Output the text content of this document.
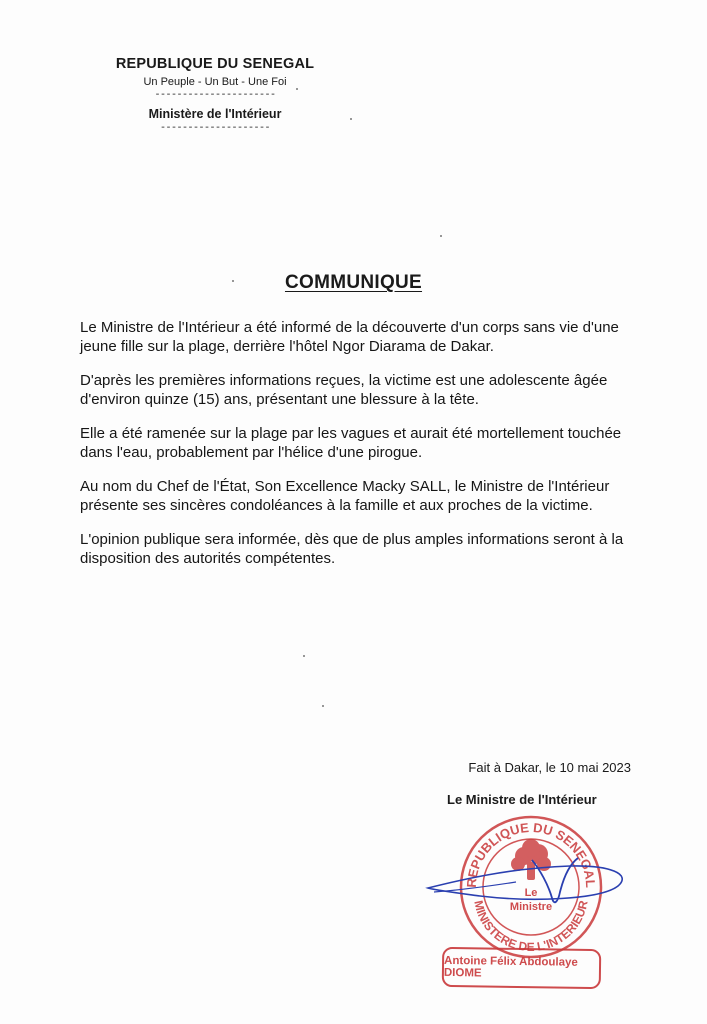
REPUBLIQUE DU SENEGAL
Un Peuple - Un But - Une Foi
----------------------
Ministère de l'Intérieur
--------------------
COMMUNIQUE

Le Ministre de l'Intérieur a été informé de la découverte d'un corps sans vie d'une jeune fille sur la plage, derrière l'hôtel Ngor Diarama de Dakar.

D'après les premières informations reçues, la victime est une adolescente âgée d'environ quinze (15) ans, présentant une blessure à la tête.

Elle a été ramenée sur la plage par les vagues et aurait été mortellement touchée dans l'eau, probablement par l'hélice d'une pirogue.

Au nom du Chef de l'État, Son Excellence Macky SALL, le Ministre de l'Intérieur présente ses sincères condoléances à la famille et aux proches de la victime.

L'opinion publique sera informée, dès que de plus amples informations seront à la disposition des autorités compétentes.

Fait à Dakar, le 10 mai 2023
Le Ministre de l'Intérieur
REPUBLIQUE DU SENEGAL
MINISTERE DE L'INTERIEUR
Le
Ministre
Antoine Félix Abdoulaye DIOME
